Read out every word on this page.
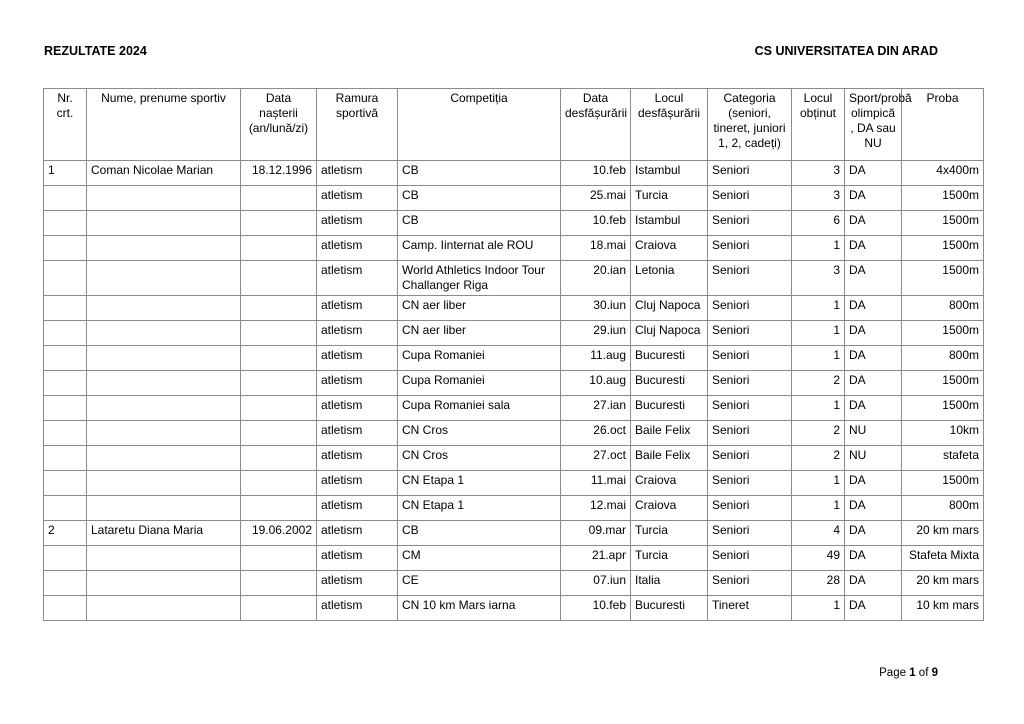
REZULTATE 2024	CS UNIVERSITATEA DIN ARAD
Nr. crt.	Nume, prenume sportiv	Data nașterii (an/lună/zi)	Ramura sportivă	Competiția	Data desfășurării	Locul desfășurării	Categoria (seniori, tineret, juniori 1, 2, cadeți)	Locul obținut	Sport/probă olimpică , DA sau NU	Proba
1	Coman Nicolae Marian	18.12.1996	atletism	CB	10.feb	Istambul	Seniori	3	DA	4x400m
			atletism	CB	25.mai	Turcia	Seniori	3	DA	1500m
			atletism	CB	10.feb	Istambul	Seniori	6	DA	1500m
			atletism	Camp. Iinternat ale ROU	18.mai	Craiova	Seniori	1	DA	1500m
			atletism	World Athletics Indoor Tour Challanger Riga	20.ian	Letonia	Seniori	3	DA	1500m
			atletism	CN aer liber	30.iun	Cluj Napoca	Seniori	1	DA	800m
			atletism	CN aer liber	29.iun	Cluj Napoca	Seniori	1	DA	1500m
			atletism	Cupa Romaniei	11.aug	Bucuresti	Seniori	1	DA	800m
			atletism	Cupa Romaniei	10.aug	Bucuresti	Seniori	2	DA	1500m
			atletism	Cupa Romaniei sala	27.ian	Bucuresti	Seniori	1	DA	1500m
			atletism	CN Cros	26.oct	Baile Felix	Seniori	2	NU	10km
			atletism	CN Cros	27.oct	Baile Felix	Seniori	2	NU	stafeta
			atletism	CN Etapa 1	11.mai	Craiova	Seniori	1	DA	1500m
			atletism	CN Etapa 1	12.mai	Craiova	Seniori	1	DA	800m
2	Lataretu Diana Maria	19.06.2002	atletism	CB	09.mar	Turcia	Seniori	4	DA	20 km mars
			atletism	CM	21.apr	Turcia	Seniori	49	DA	Stafeta Mixta
			atletism	CE	07.iun	Italia	Seniori	28	DA	20 km mars
			atletism	CN 10 km Mars iarna	10.feb	Bucuresti	Tineret	1	DA	10 km mars
Page 1 of 9
